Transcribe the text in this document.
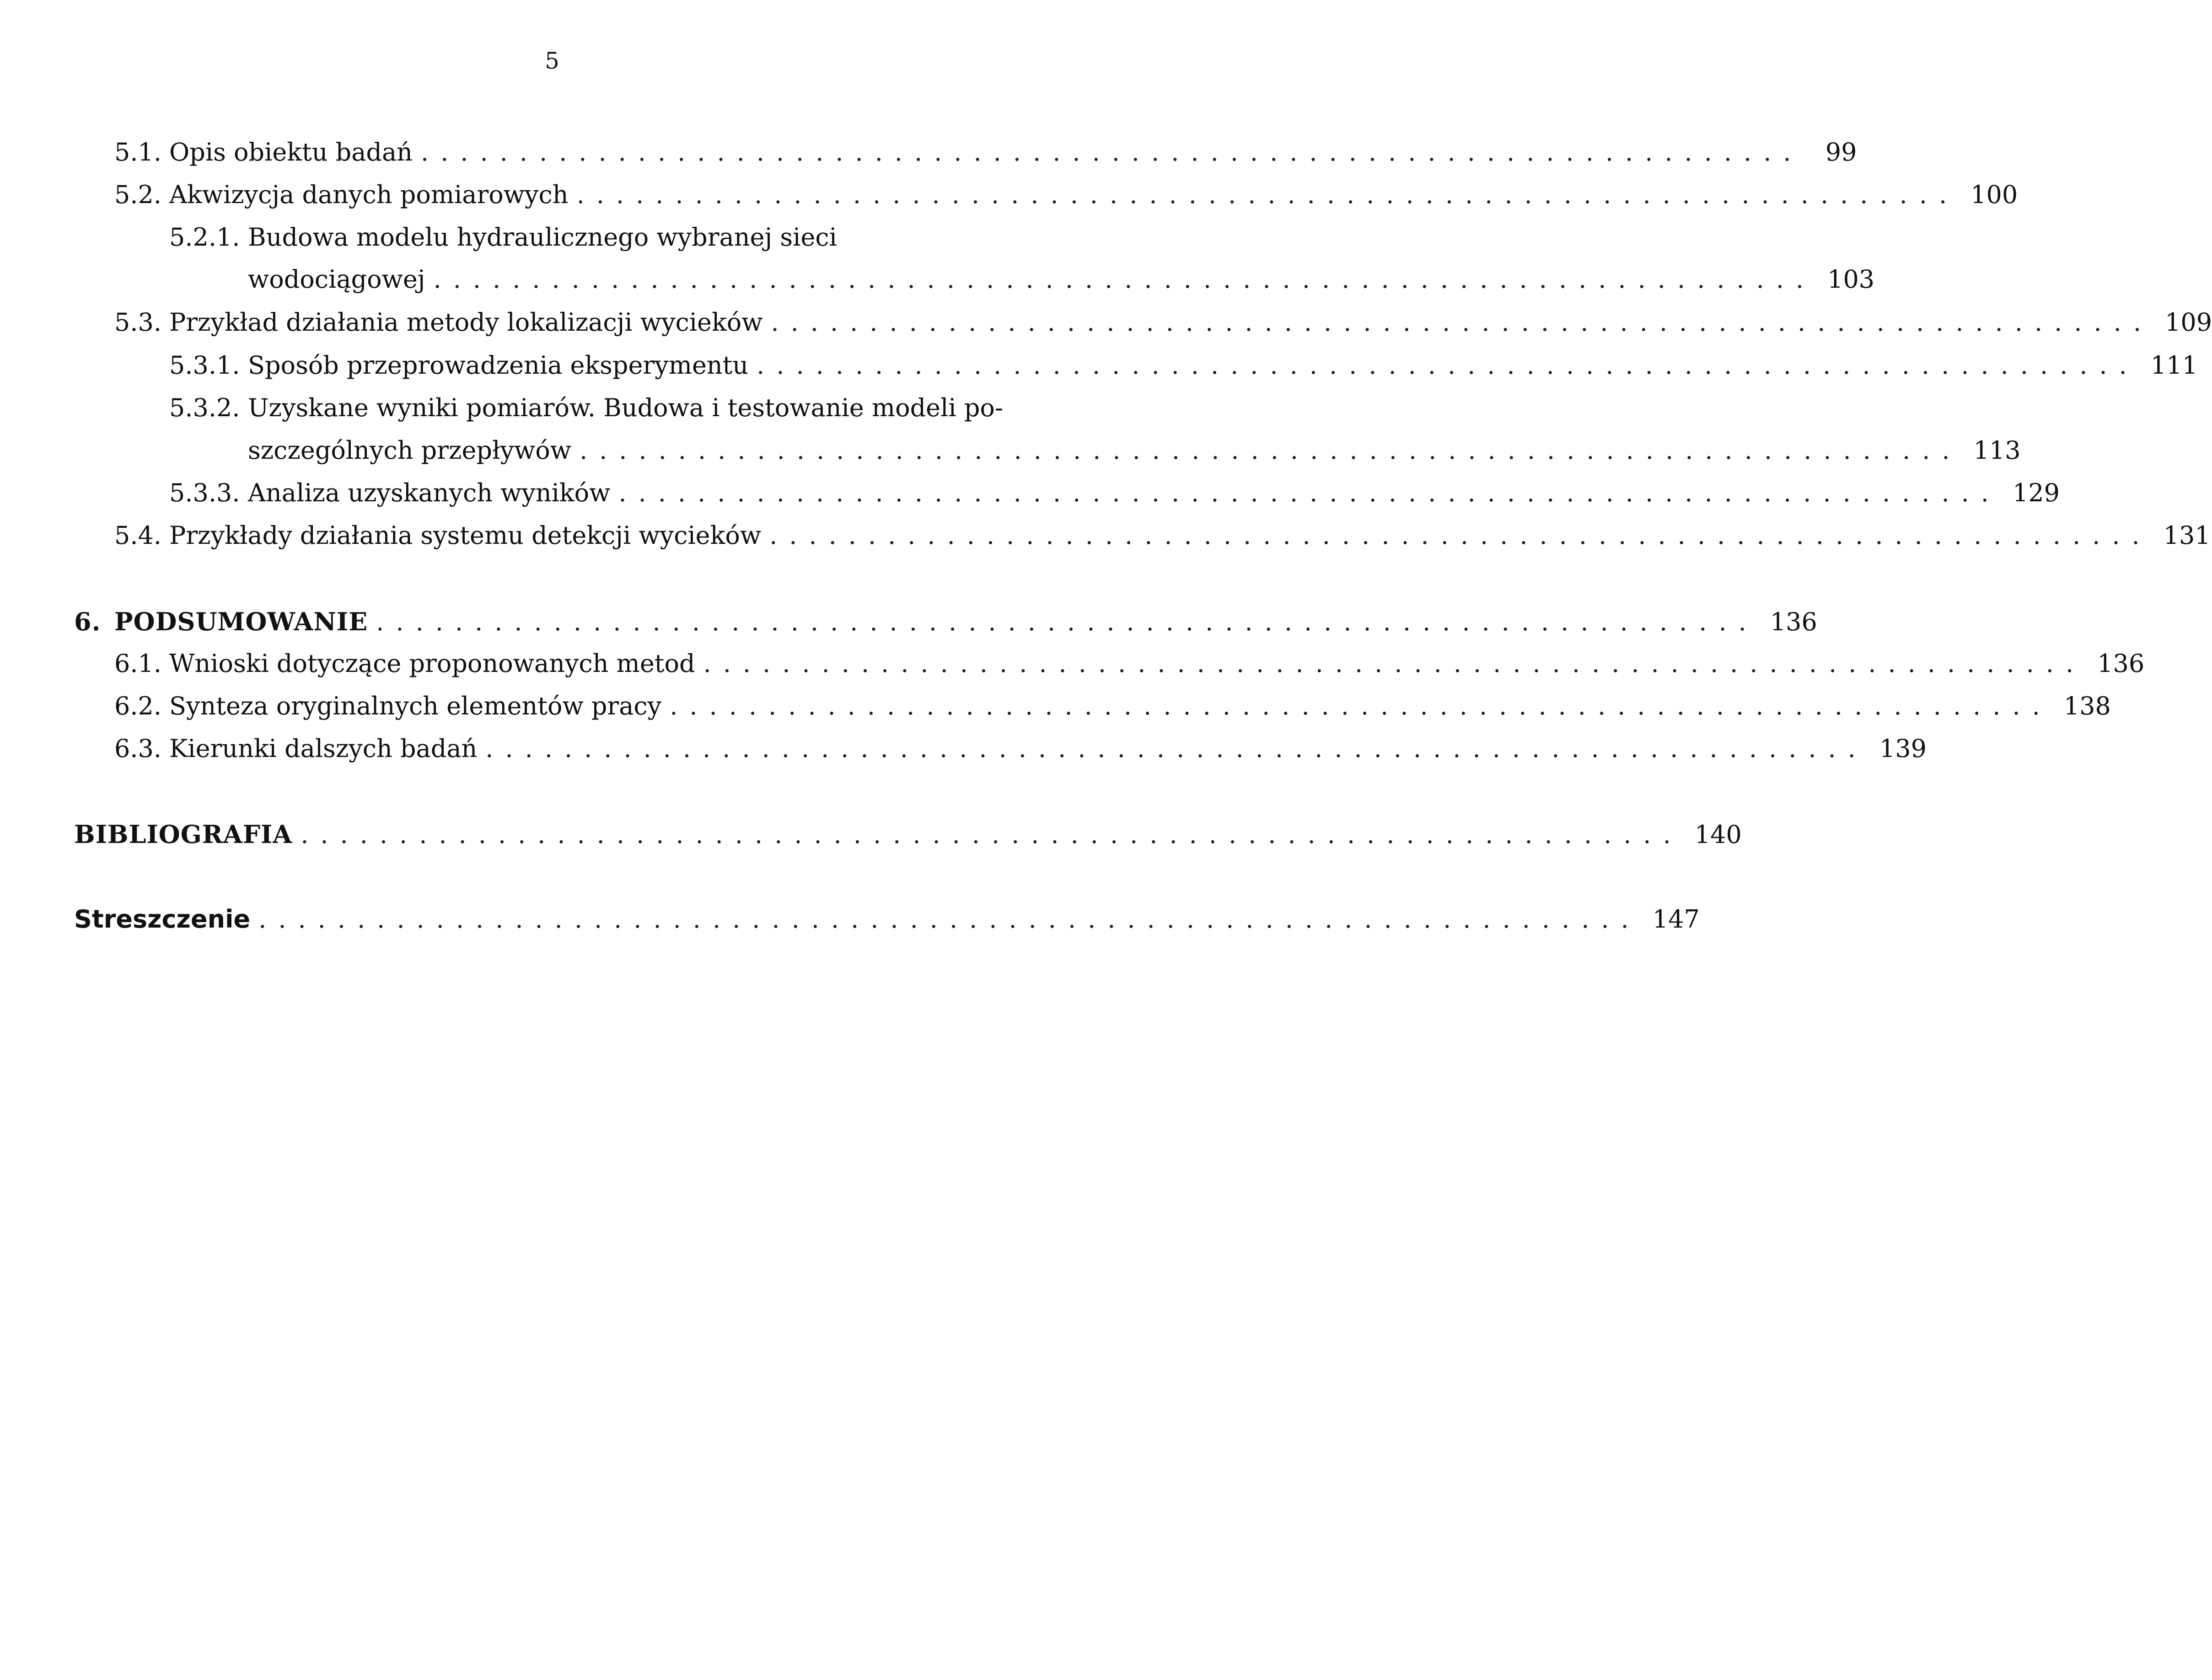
5
5.1. Opis obiektu badań ...................................................................... 99
5.2. Akwizycja danych pomiarowych ...................................................................... 100
5.2.1. Budowa modelu hydraulicznego wybranej sieci
wodociągowej ...................................................................... 103
5.3. Przykład działania metody lokalizacji wycieków ...................................................................... 109
5.3.1. Sposób przeprowadzenia eksperymentu ...................................................................... 111
5.3.2. Uzyskane wyniki pomiarów. Budowa i testowanie modeli po-
szczególnych przepływów ...................................................................... 113
5.3.3. Analiza uzyskanych wyników ...................................................................... 129
5.4. Przykłady działania systemu detekcji wycieków ...................................................................... 131
6. PODSUMOWANIE ...................................................................... 136
6.1. Wnioski dotyczące proponowanych metod ...................................................................... 136
6.2. Synteza oryginalnych elementów pracy ...................................................................... 138
6.3. Kierunki dalszych badań ...................................................................... 139
BIBLIOGRAFIA ...................................................................... 140
Streszczenie ...................................................................... 147
